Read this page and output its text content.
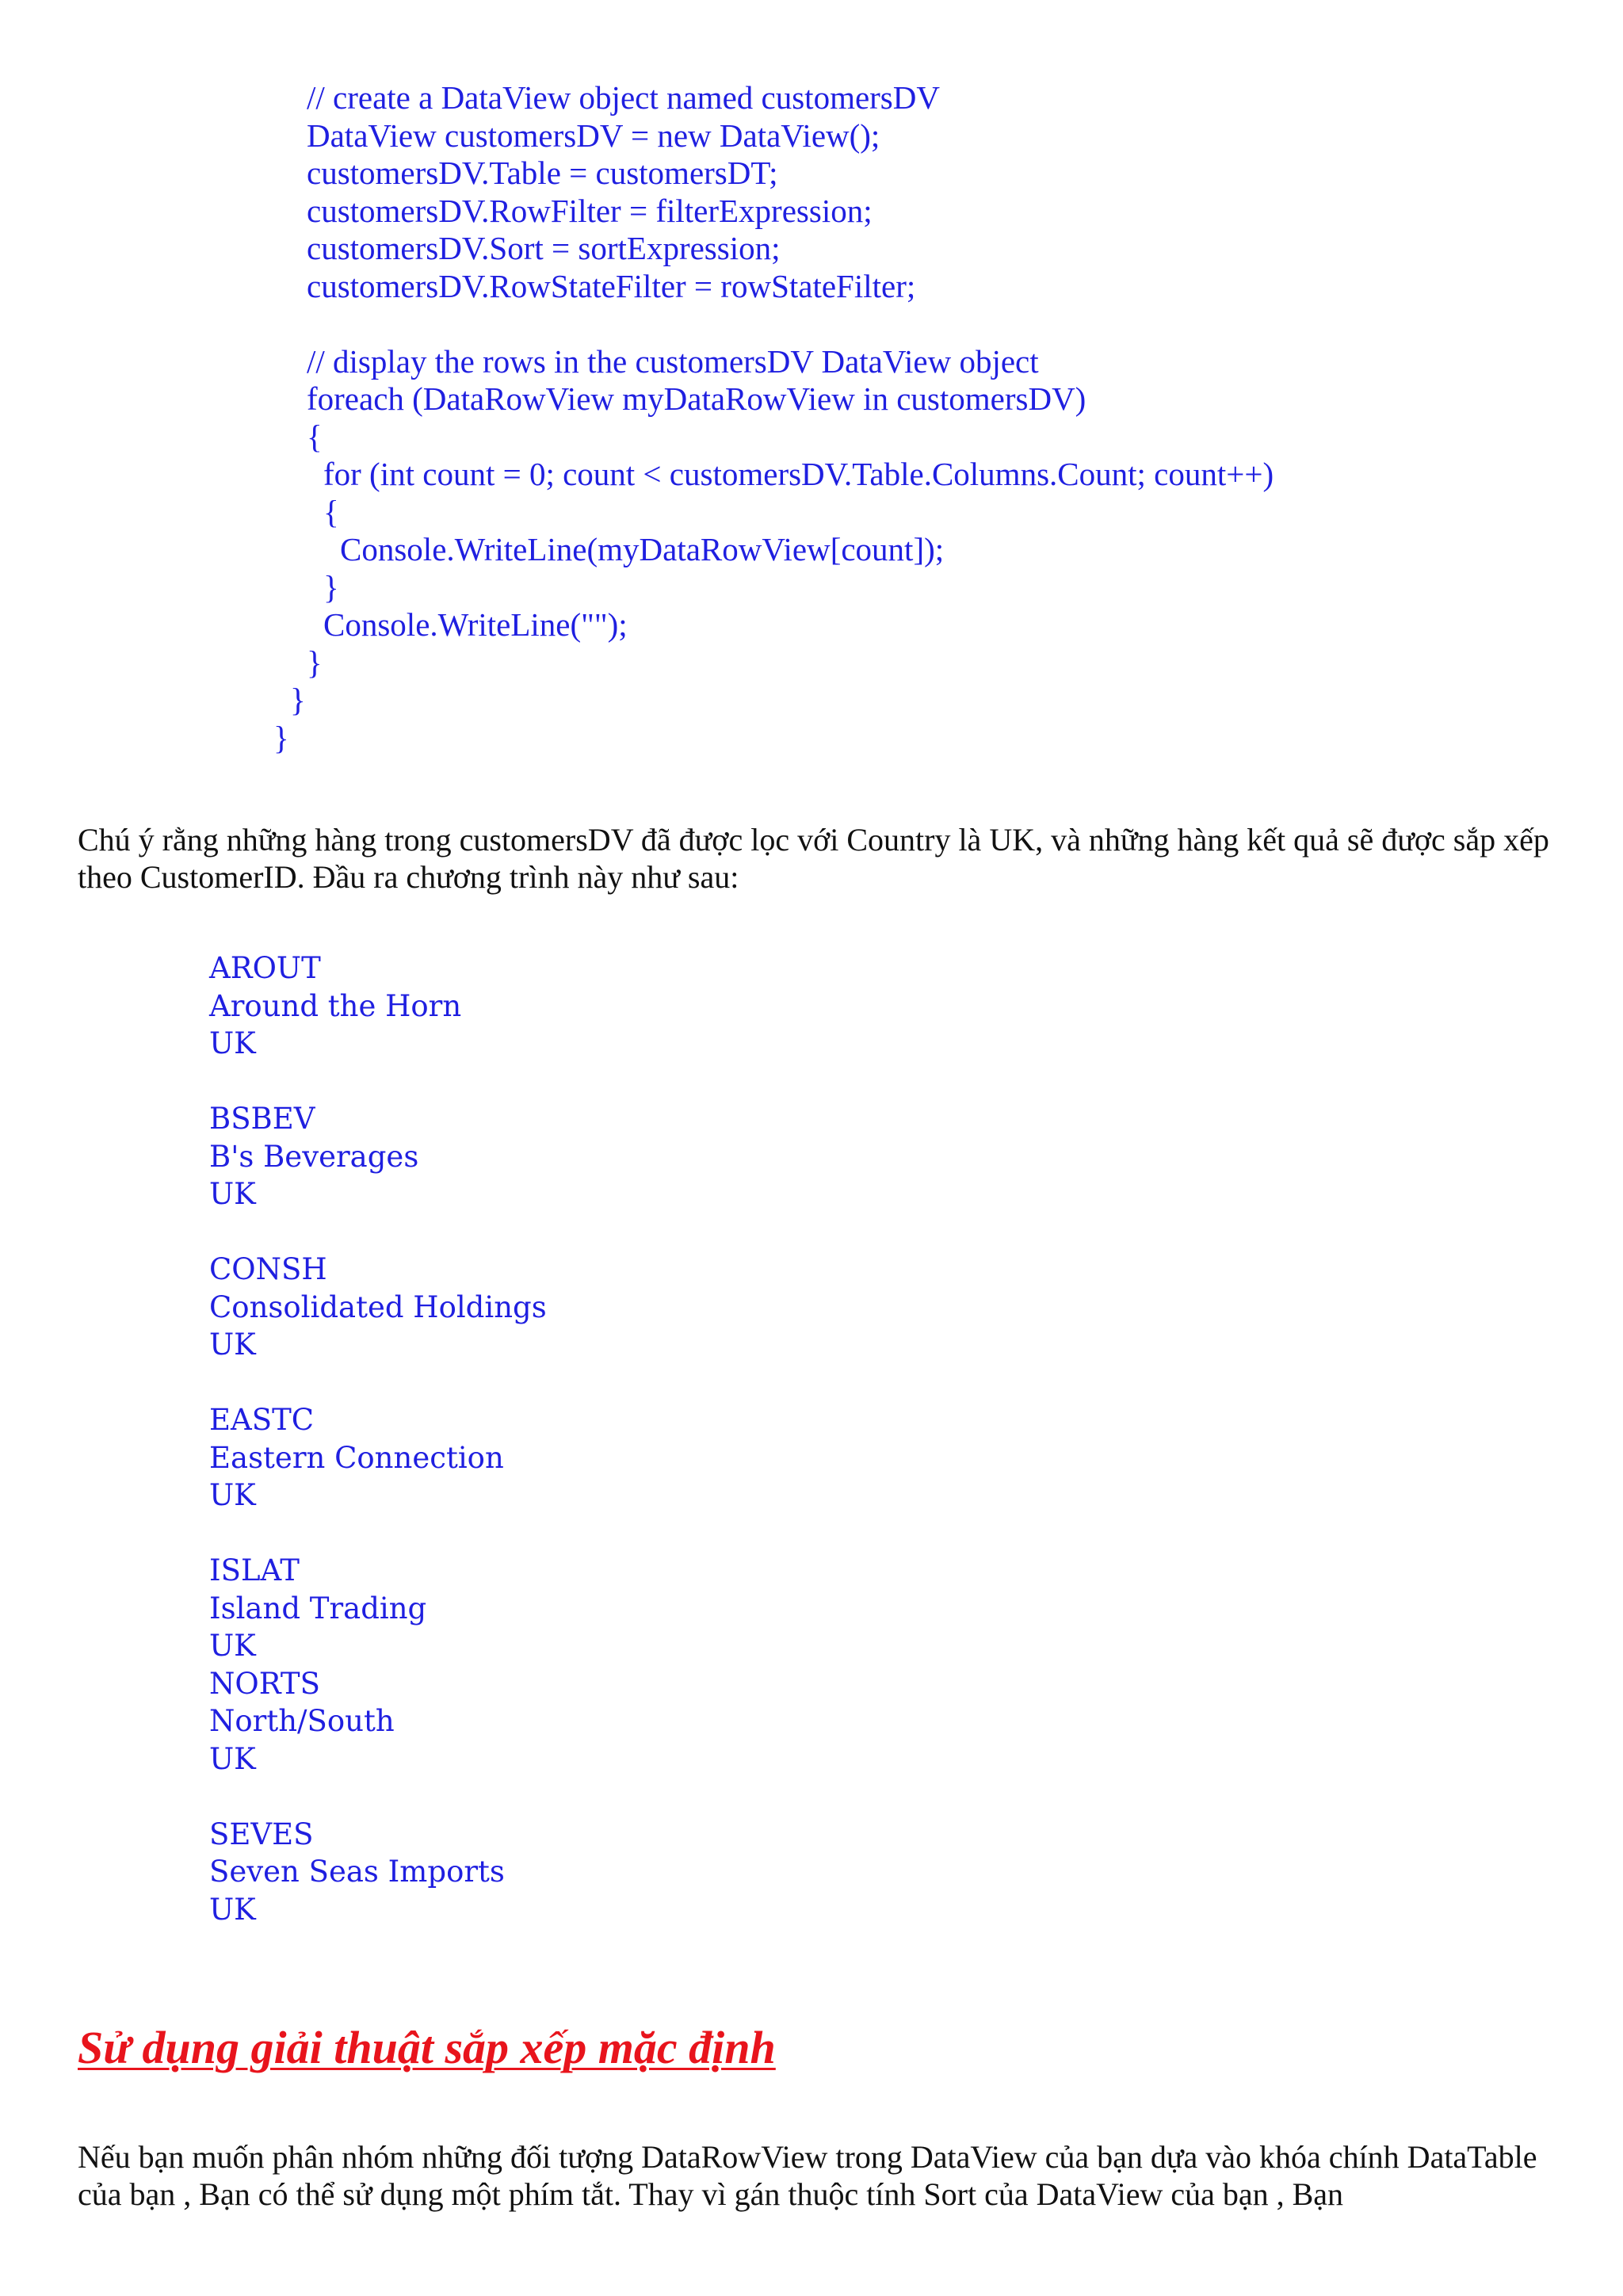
// create a DataView object named customersDV
DataView customersDV = new DataView();
customersDV.Table = customersDT;
customersDV.RowFilter = filterExpression;
customersDV.Sort = sortExpression;
customersDV.RowStateFilter = rowStateFilter;
// display the rows in the customersDV DataView object
foreach (DataRowView myDataRowView in customersDV)
{
for (int count = 0; count < customersDV.Table.Columns.Count; count++)
{
Console.WriteLine(myDataRowView[count]);
}
Console.WriteLine("");
}
}
}

Chú ý rằng những hàng trong customersDV đã được lọc với Country là UK, và những hàng kết quả sẽ được sắp xếp theo CustomerID. Đầu ra chương trình này như sau:

AROUT
Around the Horn
UK
BSBEV
B's Beverages
UK
CONSH
Consolidated Holdings
UK
EASTC
Eastern Connection
UK
ISLAT
Island Trading
UK
NORTS
North/South
UK
SEVES
Seven Seas Imports
UK
Sử dụng giải thuật sắp xếp mặc định

Nếu bạn muốn phân nhóm những đối tượng DataRowView trong DataView của bạn dựa vào khóa chính DataTable của bạn , Bạn có thể sử dụng một phím tắt. Thay vì gán thuộc tính Sort của DataView của bạn , Bạn
